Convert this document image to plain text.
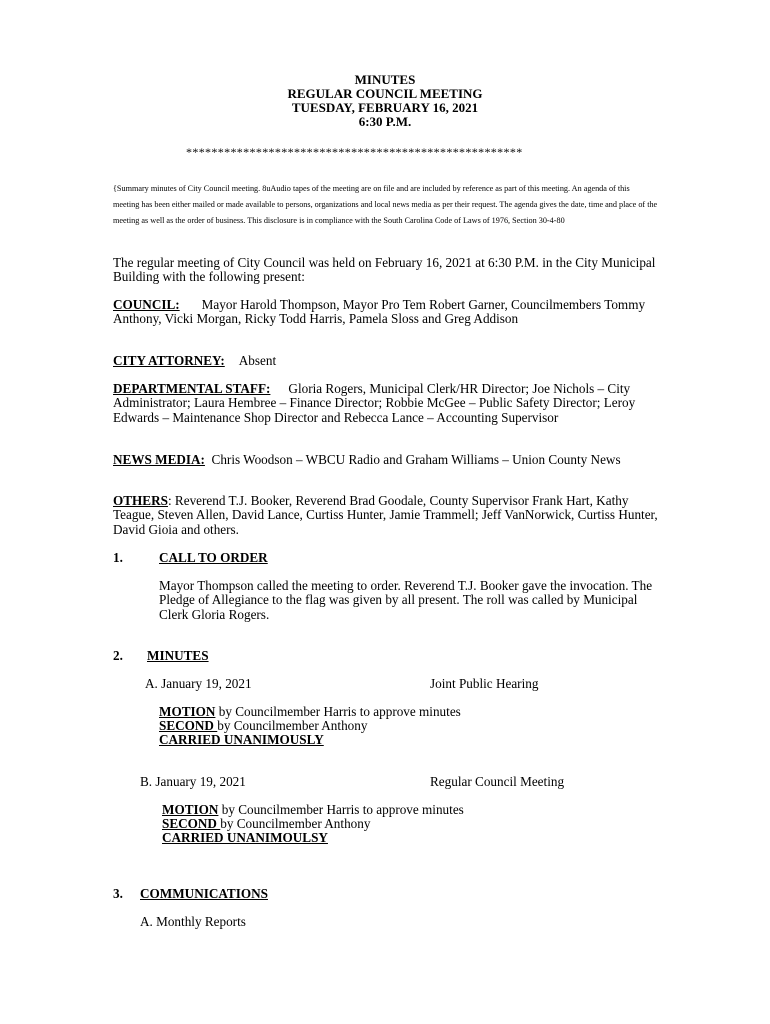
MINUTES
REGULAR COUNCIL MEETING
TUESDAY, FEBRUARY 16, 2021
6:30 P.M.
*****************************************************
{Summary minutes of City Council meeting. 8uAudio tapes of the meeting are on file and are included by reference as part of this meeting. An agenda of this meeting has been either mailed or made available to persons, organizations and local news media as per their request. The agenda gives the date, time and place of the meeting as well as the order of business. This disclosure is in compliance with the South Carolina Code of Laws of 1976, Section 30-4-80
The regular meeting of City Council was held on February 16, 2021 at 6:30 P.M. in the City Municipal Building with the following present:
COUNCIL: Mayor Harold Thompson, Mayor Pro Tem Robert Garner, Councilmembers Tommy Anthony, Vicki Morgan, Ricky Todd Harris, Pamela Sloss and Greg Addison
CITY ATTORNEY: Absent
DEPARTMENTAL STAFF: Gloria Rogers, Municipal Clerk/HR Director; Joe Nichols – City Administrator; Laura Hembree – Finance Director; Robbie McGee – Public Safety Director; Leroy Edwards – Maintenance Shop Director and Rebecca Lance – Accounting Supervisor
NEWS MEDIA: Chris Woodson – WBCU Radio and Graham Williams – Union County News
OTHERS: Reverend T.J. Booker, Reverend Brad Goodale, County Supervisor Frank Hart, Kathy Teague, Steven Allen, David Lance, Curtiss Hunter, Jamie Trammell; Jeff VanNorwick, Curtiss Hunter, David Gioia and others.
1.	CALL TO ORDER
Mayor Thompson called the meeting to order. Reverend T.J. Booker gave the invocation. The Pledge of Allegiance to the flag was given by all present. The roll was called by Municipal Clerk Gloria Rogers.
2. MINUTES
A. January 19, 2021	Joint Public Hearing
MOTION by Councilmember Harris to approve minutes
SECOND by Councilmember Anthony
CARRIED UNANIMOUSLY
B. January 19, 2021	Regular Council Meeting
MOTION by Councilmember Harris to approve minutes
SECOND by Councilmember Anthony
CARRIED UNANIMOULSY
3. COMMUNICATIONS
A. Monthly Reports
